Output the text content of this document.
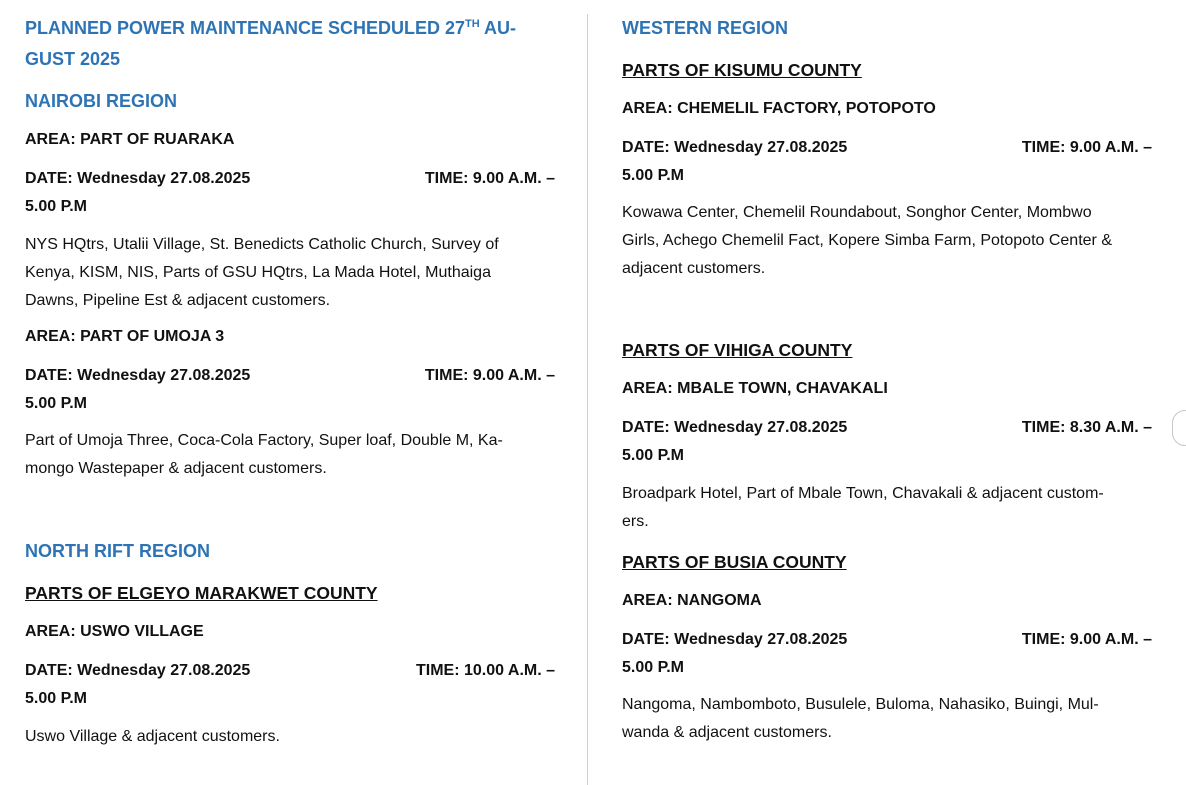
PLANNED POWER MAINTENANCE SCHEDULED 27TH AU-
GUST 2025
NAIROBI REGION
AREA: PART OF RUARAKA
DATE: Wednesday 27.08.2025	TIME: 9.00 A.M. –
5.00 P.M
NYS HQtrs, Utalii Village, St. Benedicts Catholic Church, Survey of
Kenya, KISM, NIS, Parts of GSU HQtrs, La Mada Hotel, Muthaiga
Dawns, Pipeline Est & adjacent customers.
AREA: PART OF UMOJA 3
DATE: Wednesday 27.08.2025	TIME: 9.00 A.M. –
5.00 P.M
Part of Umoja Three, Coca-Cola Factory, Super loaf, Double M, Ka-
mongo Wastepaper & adjacent customers.
NORTH RIFT REGION
PARTS OF ELGEYO MARAKWET COUNTY
AREA: USWO VILLAGE
DATE: Wednesday 27.08.2025	TIME: 10.00 A.M. –
5.00 P.M
Uswo Village & adjacent customers.
WESTERN REGION
PARTS OF KISUMU COUNTY
AREA: CHEMELIL FACTORY, POTOPOTO
DATE: Wednesday 27.08.2025	TIME: 9.00 A.M. –
5.00 P.M
Kowawa Center, Chemelil Roundabout, Songhor Center, Mombwo
Girls, Achego Chemelil Fact, Kopere Simba Farm, Potopoto Center &
adjacent customers.
PARTS OF VIHIGA COUNTY
AREA: MBALE TOWN, CHAVAKALI
DATE: Wednesday 27.08.2025	TIME: 8.30 A.M. –
5.00 P.M
Broadpark Hotel, Part of Mbale Town, Chavakali & adjacent custom-
ers.
PARTS OF BUSIA COUNTY
AREA: NANGOMA
DATE: Wednesday 27.08.2025	TIME: 9.00 A.M. –
5.00 P.M
Nangoma, Nambomboto, Busulele, Buloma, Nahasiko, Buingi, Mul-
wanda & adjacent customers.
